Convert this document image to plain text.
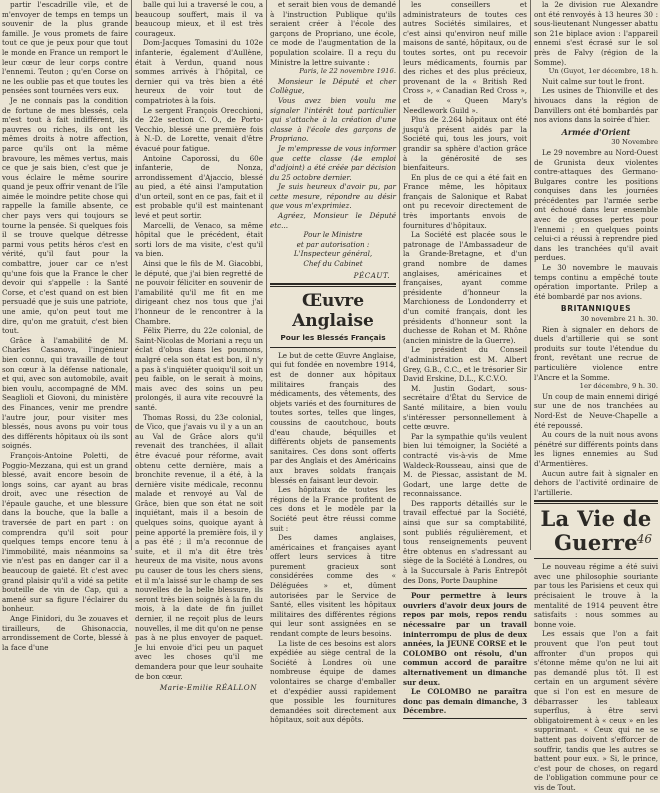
partir l'escadrille vile, et de m'envoyer de temps en temps un souvenir de la plus grande famille. Je vous promets de faire tout ce que je peux pour que tout le monde en France un remport le leur cœur de leur corps contre l'ennemi. Teuton ; qu'en Corse on ne les oublie pas et que toutes les pensées sont tournées vers eux.

Je ne connais pas la condition de fortune de mes blessés, cela m'est tout à fait indifférent, ils pauvres ou riches, ils ont les mêmes droits à notre affection, parce qu'ils ont la même bravoure, les mêmes vertus, mais ce que je sais bien, c'est que je vous éclaire le même sourire quand je peux offrir venant de l'île aimée le moindre petite chose qui rappelle la famille absente, ce cher pays vers qui toujours se tourne la pensée. Si quelques fois il se trouve quelque détresse parmi vous petits héros c'est en vérité, qu'il faut pour la combattre, jouer car ce n'est qu'une fois que la France le cher devoir qui s'appelle : la Santé Corse, et c'est quand on est bien persuadé que je suis une patriote, une amie, qu'on peut tout me dire, qu'on me gratuit, c'est bien tout.

Grâce à l'amabilité de M. Charles Casanova, l'ingénieur bien connu, qui travaille de tout son cœur à la défense nationale, et qui, avec son automobile, avait bien voulu, accompagné de MM. Seaglioli et Giovoni, du ministère des Finances, venir me prendre l'autre jour, pour visiter mes blessés, nous avons pu voir tous des différents hôpitaux où ils sont soignés.

François-Antoine Poletti, de Poggio-Mezzana, qui est un grand blessé, avait encore besoin de longs soins, car ayant au bras droit, avec une résection de l'épaule gauche, et une blessure dans la bouche, que la balle a traversée de part en part : on comprendra qu'il soit pour quelques temps encore tenu à l'immobilité, mais néanmoins sa vie n'est pas en danger car il a beaucoup de gaieté. Et c'est avec grand plaisir qu'il a vidé sa petite bouteille de vin de Cap, qui a amené sur sa figure l'éclairer du bonheur.

Ange Finidori, du 3e zouaves et tirailleurs, de Ghisonaccia, arrondissement de Corte, blessé à la face d'une

balle qui lui a traversé le cou, a beaucoup souffert, mais il va beaucoup mieux, et il est très courageux.

Dom-Jacques Tomasini du 102e infanterie, également d'Aullène, était à Verdun, quand nous sommes arrivés à l'hôpital, ce dernier qui va très bien a été heureux de voir tout de compatriotes à la fois.

Le sergent François Orecchioni, de 22e section C. O., de Porto-Vecchio, blessé une première fois à N.-D. de Lorette, venait d'être évacué pour fatigue.

Antoine Caporossi, du 60e infanterie, de Nonza, arrondissement d'Ajaccio, blessé au pied, a été ainsi l'amputation d'un orteil, sont en ce pas, fait et il est probable qu'il est maintenant levé et peut sortir.

Marcelli, de Venaco, sa même hôpital que le précédent, était sorti lors de ma visite, c'est qu'il va bien.

Ainsi que le fils de M. Giacobbi, le député, que j'ai bien regretté de ne pouvoir féliciter en souvenir de l'amabilité qu'il me fit en me dirigeant chez nos tous que j'ai l'honneur de le rencontrer à la Chambre.

Félix Pierre, du 22e colonial, de Saint-Nicolas de Moriani a reçu un éclat d'obus dans les poumons, malgré cela son état est bon, il n'y a pas à s'inquiéter quoiqu'il soit un peu faible, on le serait à moins, mais avec des soins un peu prolongés, il aura vite recouvré la santé.

Thomas Rossi, du 23e colonial, de Vico, que j'avais vu il y a un an au Val de Grâce alors qu'il revenait des tranchées, il allait être évacué pour réforme, avait obtenu cette dernière, mais a bronchite revenue, il a été, à la dernière visite médicale, reconnu malade et renvoyé au Val de Grâce, bien que son état ne soit inquiétant, mais il a besoin de quelques soins, quoique ayant à peine apporté la première fois, il y a pas été ; il m'a reconnue de suite, et il m'a dit être très heureux de ma visite, nous avons pu causer de tous les chers siens, et il m'a laissé sur le champ de ses nouvelles de la belle blessure, ils seront très bien soignés à la fin du mois, à la date de fin juillet dernier, il ne reçoit plus de leurs nouvelles, il me dit qu'on ne pense pas à ne plus envoyer de paquet. Je lui envoie d'ici peu un paquet avec les choses qu'il me demandera pour que leur souhaite de bon cœur.

Marie-Emilie RÉALLON

et serait bien vous de demandé à l'instruction Publique qu'ils seraient créer à l'école des garçons de Propriano, une école, ce mode de l'augmentation de la population scolaire. Il a reçu du Ministre la lettre suivante :

Paris, le 22 novembre 1916.

Monsieur le Député et cher Collègue,

Vous avez bien voulu me signaler l'intérêt tout particulier qui s'attache à la création d'une classe à l'école des garçons de Propriano.

Je m'empresse de vous informer que cette classe (4e emploi d'adjoint) a été créée par décision du 25 octobre dernier.

Je suis heureux d'avoir pu, par cette mesure, répondre au désir que vous m'exprimiez.

Agréez, Monsieur le Député etc...

Pour le Ministre

et par autorisation :

L'Inspecteur général,

Chef du Cabinet

PÉCAUT.

Œuvre Anglaise
Pour les Blessés Français

Le but de cette Œuvre Anglaise, qui fut fondée en novembre 1914, est de donner aux hôpitaux militaires français des médicaments, des vêtements, des objets variés et des fournitures de toutes sortes, telles que linges, coussins de caoutchouc, bouts d'eau chaude, béquilles et différents objets de pansements sanitaires. Ces dons sont offerts par des Anglais et des Américains aux braves soldats français blessés en faisant leur devoir.

Les hôpitaux de toutes les régions de la France profitent de ces dons et le modèle par la Société peut être réussi comme suit :

Des dames anglaises, américaines et françaises ayant offert leurs services à titre purement gracieux sont considérées comme des « Déléguées » et, dûment autorisées par le Service de Santé, elles visitent les hôpitaux militaires des différentes régions qui leur sont assignées en se rendant compte de leurs besoins.

La liste de ces besoins est alors expédiée au siège central de la Société à Londres où une nombreuse équipe de dames volontaires se charge d'emballer et d'expédier aussi rapidement que possible les fournitures demandées soit directement aux hôpitaux, soit aux dépôts.

les conseillers et administrateurs de toutes ces autres Sociétés similaires, et c'est ainsi qu'environ neuf mille maisons de santé, hôpitaux, ou de toutes sortes, ont pu recevoir leurs médicaments, fournis par des riches et des plus précieux, provenant de la « British Red Cross », « Canadian Red Cross », et de « Queen Mary's Needlework Guild ».

Plus de 2.264 hôpitaux ont été jusqu'à présent aidés par la Société qui, tous les jours, voit grandir sa sphère d'action grâce à la générosité de ses bienfaiteurs.

En plus de ce qui a été fait en France même, les hôpitaux français de Salonique et Rabat ont pu recevoir directement de très importants envois de fournitures d'hôpitaux.

La Société est placée sous le patronage de l'Ambassadeur de la Grande-Bretagne, et d'un grand nombre de dames anglaises, américaines et françaises, ayant comme présidente d'honneur la Marchioness de Londonderry et d'un comité français, dont les présidents d'honneur sont la duchesse de Rohan et M. Rhône (ancien ministre de la Guerre).

Le président du Conseil d'administration est M. Albert Grey, G.B., C.C., et le trésorier Sir David Erskine, D.L., K.C.V.O.

M. Justin Godart, sous-secrétaire d'État du Service de Santé militaire, a bien voulu s'intéresser personnellement à cette œuvre.

Par la sympathie qu'ils veulent bien lui témoigner, la Société a contracté vis-à-vis de Mme Waldeck-Rousseau, ainsi que de M. de Piessac, assistant de M. Godart, une large dette de reconnaissance.

Des rapports détaillés sur le travail effectué par la Société, ainsi que sur sa comptabilité, sont publiés régulièrement, et tous renseignements peuvent être obtenus en s'adressant au siège de la Société à Londres, ou à la Succursale à Paris Entrepôt des Dons, Porte Dauphine

Pour permettre à leurs ouvriers d'avoir deux jours de repos par mois, repos rendu nécessaire par un travail ininterrompu de plus de deux années, la JEUNE CORSE et le COLOMBO ont résolu, d'un commun accord de paraître alternativement un dimanche sur deux.

Le COLOMBO ne paraîtra donc pas demain dimanche, 3 Décembre.

la 2e division rue Alexandre ont été renvoyés à 13 heures 30 : sous-lieutenant Nungesser abattu son 21e biplace avion : l'appareil ennemi s'est écrasé sur le sol près de Falvy (région de la Somme).

Un (Guyot, 1er décembre, 18 h.

Nuit calme sur tout le front.

Les usines de Thionville et des hivouacs dans la région de Danvillers ont été bombardés par nos avions dans la soirée d'hier.

Armée d'Orient

30 Novembre

Le 29 novembre au Nord-Ouest de Grunista deux violentes contre-attaques des Germano-Bulgares contre les positions conquises dans les journées précédentes par l'armée serbe ont échoué dans leur ensemble avec de grosses pertes pour l'ennemi ; en quelques points celui-ci a réussi à reprendre pied dans les tranchées qu'il avait perdues.

Le 30 novembre le mauvais temps continu a empêché toute opération importante. Prilep a été bombardé par nos avions.

BRITANNIQUES

30 novembre 21 h. 30.

Rien à signaler en dehors de duels d'artillerie qui se sont produits sur toute l'étendue du front, revêtant une recrue de particulière violence entre l'Ancre et la Somme.

1er décembre, 9 h. 30.

Un coup de main ennemi dirigé sur une de nos tranchées au Nord-Est de Neuve-Chapelle a été repoussé.

Au cours de la nuit nous avons pénétré sur différents points dans les lignes ennemies au Sud d'Armentières.

Aucun autre fait à signaler en dehors de l'activité ordinaire de l'artillerie.

La Vie de Guerre

Le nouveau régime a été suivi avec une philosophie souriante par tous les Parisiens et ceux qui précisaient le trouve à la mentalité de 1914 peuvent être satisfaits : nous sommes au bonne voie.

Les essais que l'on a fait prouvent que l'on peut tout affronter d'un propos qui s'étonne même qu'on ne lui ait pas demandé plus tôt. Il est certain en un argument sévère que si l'on est en mesure de débarrasser les tableaux superflus, à être servi obligatoirement à « ceux » en les supprimant. « Ceux qui ne se battent pas doivent s'efforcer de souffrir, tandis que les autres se battent pour eux. » Si, le prince, c'est pour de choses, on regard de l'obligation commune pour ce vis de Tout.

46
